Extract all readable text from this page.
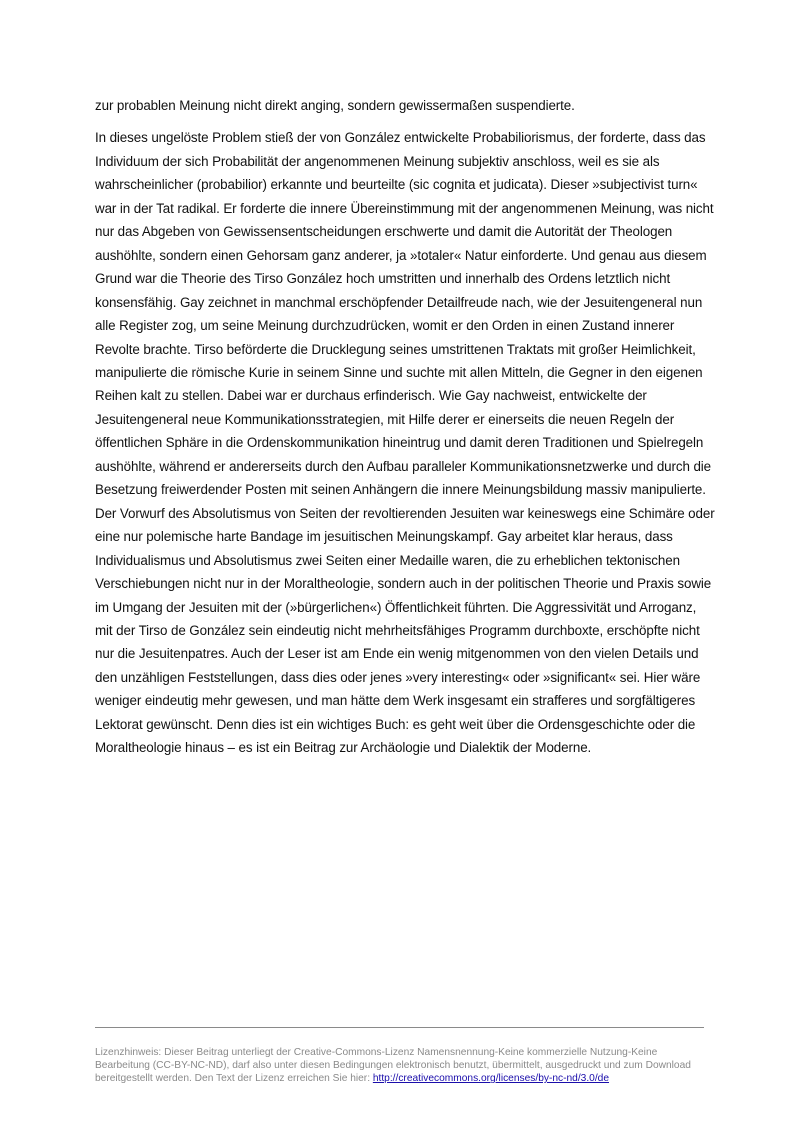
zur probablen Meinung nicht direkt anging, sondern gewissermaßen suspendierte.

In dieses ungelöste Problem stieß der von González entwickelte Probabiliorismus, der forderte, dass das Individuum der sich Probabilität der angenommenen Meinung subjektiv anschloss, weil es sie als wahrscheinlicher (probabilior) erkannte und beurteilte (sic cognita et judicata). Dieser »subjectivist turn« war in der Tat radikal. Er forderte die innere Übereinstimmung mit der angenommenen Meinung, was nicht nur das Abgeben von Gewissensentscheidungen erschwerte und damit die Autorität der Theologen aushöhlte, sondern einen Gehorsam ganz anderer, ja »totaler« Natur einforderte. Und genau aus diesem Grund war die Theorie des Tirso González hoch umstritten und innerhalb des Ordens letztlich nicht konsensfähig. Gay zeichnet in manchmal erschöpfender Detailfreude nach, wie der Jesuitengeneral nun alle Register zog, um seine Meinung durchzudrücken, womit er den Orden in einen Zustand innerer Revolte brachte. Tirso beförderte die Drucklegung seines umstrittenen Traktats mit großer Heimlichkeit, manipulierte die römische Kurie in seinem Sinne und suchte mit allen Mitteln, die Gegner in den eigenen Reihen kalt zu stellen. Dabei war er durchaus erfinderisch. Wie Gay nachweist, entwickelte der Jesuitengeneral neue Kommunikationsstrategien, mit Hilfe derer er einerseits die neuen Regeln der öffentlichen Sphäre in die Ordenskommunikation hineintrug und damit deren Traditionen und Spielregeln aushöhlte, während er andererseits durch den Aufbau paralleler Kommunikationsnetzwerke und durch die Besetzung freiwerdender Posten mit seinen Anhängern die innere Meinungsbildung massiv manipulierte. Der Vorwurf des Absolutismus von Seiten der revoltierenden Jesuiten war keineswegs eine Schimäre oder eine nur polemische harte Bandage im jesuitischen Meinungskampf. Gay arbeitet klar heraus, dass Individualismus und Absolutismus zwei Seiten einer Medaille waren, die zu erheblichen tektonischen Verschiebungen nicht nur in der Moraltheologie, sondern auch in der politischen Theorie und Praxis sowie im Umgang der Jesuiten mit der (»bürgerlichen«) Öffentlichkeit führten. Die Aggressivität und Arroganz, mit der Tirso de González sein eindeutig nicht mehrheitsfähiges Programm durchboxte, erschöpfte nicht nur die Jesuitenpatres. Auch der Leser ist am Ende ein wenig mitgenommen von den vielen Details und den unzähligen Feststellungen, dass dies oder jenes »very interesting« oder »significant« sei. Hier wäre weniger eindeutig mehr gewesen, und man hätte dem Werk insgesamt ein strafferes und sorgfältigeres Lektorat gewünscht. Denn dies ist ein wichtiges Buch: es geht weit über die Ordensgeschichte oder die Moraltheologie hinaus – es ist ein Beitrag zur Archäologie und Dialektik der Moderne.

Lizenzhinweis: Dieser Beitrag unterliegt der Creative-Commons-Lizenz Namensnennung-Keine kommerzielle Nutzung-Keine Bearbeitung (CC-BY-NC-ND), darf also unter diesen Bedingungen elektronisch benutzt, übermittelt, ausgedruckt und zum Download bereitgestellt werden. Den Text der Lizenz erreichen Sie hier: http://creativecommons.org/licenses/by-nc-nd/3.0/de
